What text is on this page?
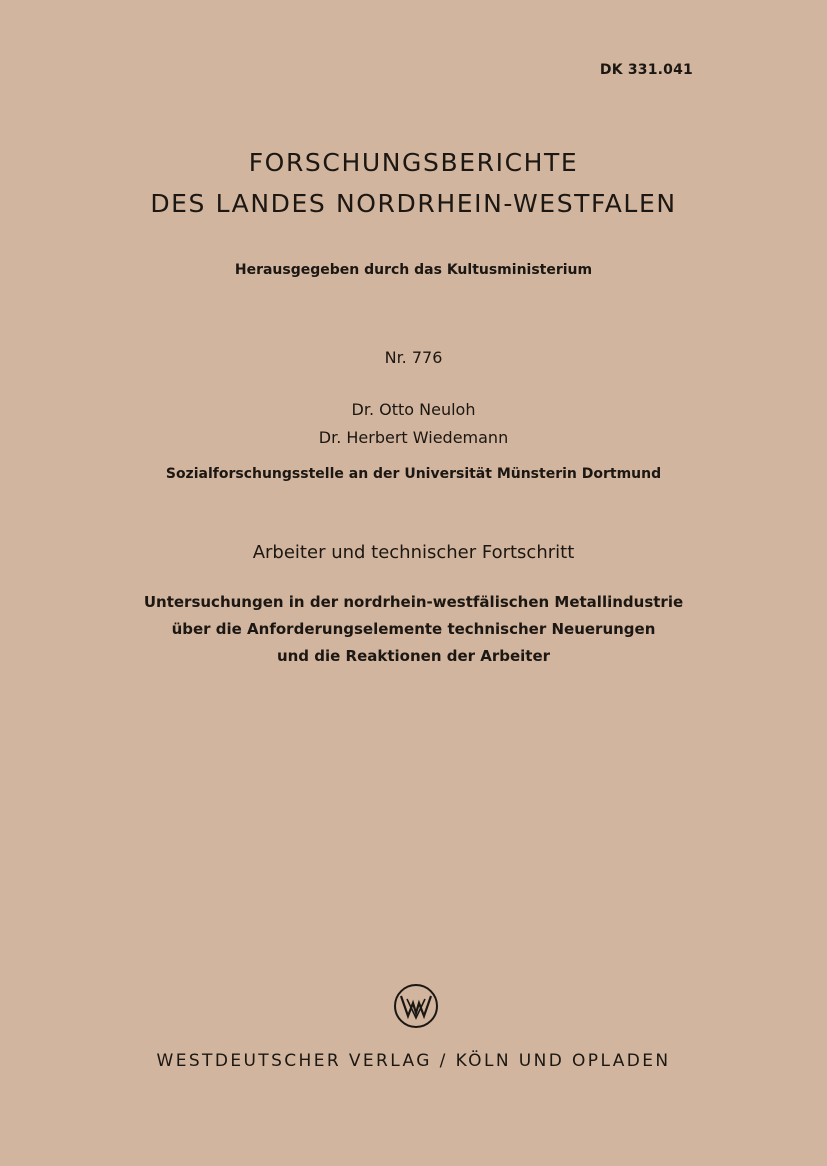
DK 331.041
FORSCHUNGSBERICHTE
DES LANDES NORDRHEIN-WESTFALEN
Herausgegeben durch das Kultusministerium
Nr. 776
Dr. Otto Neuloh
Dr. Herbert Wiedemann
Sozialforschungsstelle an der Universität Münsterin Dortmund
Arbeiter und technischer Fortschritt
Untersuchungen in der nordrhein-westfälischen Metallindustrie
über die Anforderungselemente technischer Neuerungen
und die Reaktionen der Arbeiter
WESTDEUTSCHER VERLAG / KÖLN UND OPLADEN
